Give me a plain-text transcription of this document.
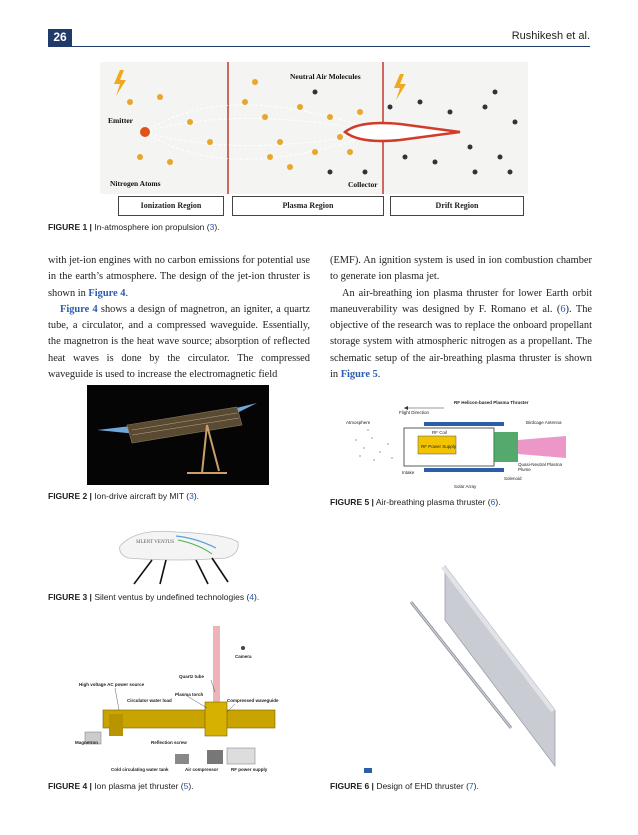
26	Rushikesh et al.
Neutral Air Molecules
Emitter
Nitrogen Atoms	Collector
Ionization Region	Plasma Region	Drift Region
FIGURE 1 | In-atmosphere ion propulsion (3).

with jet-ion engines with no carbon emissions for potential use in the earth’s atmosphere. The design of the jet-ion thruster is shown in Figure 4.

Figure 4 shows a design of magnetron, an igniter, a quartz tube, a circulator, and a compressed waveguide. Essentially, the magnetron is the heat wave source; absorption of reflected heat waves is done by the circulator. The compressed waveguide is used to increase the electromagnetic field

(EMF). An ignition system is used in ion combustion chamber to generate ion plasma jet.

An air-breathing ion plasma thruster for lower Earth orbit maneuverability was designed by F. Romano et al. (6). The objective of the research was to replace the onboard propellant storage system with atmospheric nitrogen as a propellant. The schematic setup of the air-breathing plasma thruster is shown in Figure 5.

FIGURE 2 | Ion-drive aircraft by MIT (3).
RF Helicon-based Plasma Thruster
Flight Direction
Atmosphere
RF Coil
RF Power Supply
Birdcage Antenna
Intake
Quasi-Neutral Plasma Plume
Solenoid
Solar Array
FIGURE 5 | Air-breathing plasma thruster (6).
SILENT VENTUS
FIGURE 3 | Silent ventus by undefined technologies (4).
FIGURE 6 | Design of EHD thruster (7).
Camera
Quartz tube
High voltage AC power source
Plasma torch
Circulator water load	Compressed waveguide
Magnetron	Reflection screw
Cold circulating water tank	Air compressor	RF power supply
FIGURE 4 | Ion plasma jet thruster (5).
